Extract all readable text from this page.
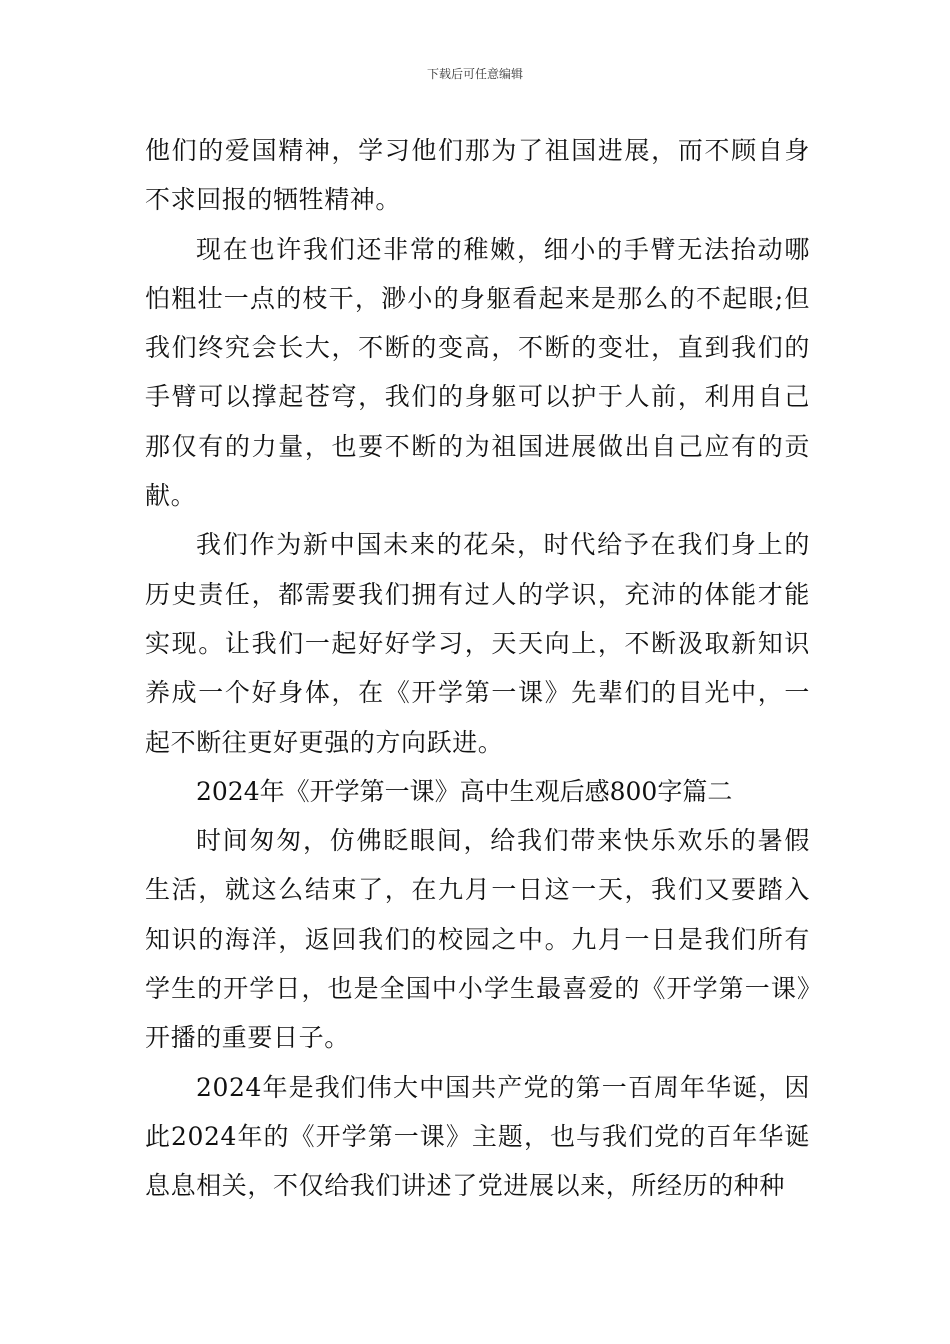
下载后可任意编辑

他们的爱国精神，学习他们那为了祖国进展，而不顾自身不求回报的牺牲精神。

现在也许我们还非常的稚嫩，细小的手臂无法抬动哪怕粗壮一点的枝干，渺小的身躯看起来是那么的不起眼;但我们终究会长大，不断的变高，不断的变壮，直到我们的手臂可以撑起苍穹，我们的身躯可以护于人前，利用自己那仅有的力量，也要不断的为祖国进展做出自己应有的贡献。

我们作为新中国未来的花朵，时代给予在我们身上的历史责任，都需要我们拥有过人的学识，充沛的体能才能实现。让我们一起好好学习，天天向上，不断汲取新知识养成一个好身体，在《开学第一课》先辈们的目光中，一起不断往更好更强的方向跃进。

2024年《开学第一课》高中生观后感800字篇二

时间匆匆，仿佛眨眼间，给我们带来快乐欢乐的暑假生活，就这么结束了，在九月一日这一天，我们又要踏入知识的海洋，返回我们的校园之中。九月一日是我们所有学生的开学日，也是全国中小学生最喜爱的《开学第一课》开播的重要日子。

2024年是我们伟大中国共产党的第一百周年华诞，因此2024年的《开学第一课》主题，也与我们党的百年华诞息息相关，不仅给我们讲述了党进展以来，所经历的种种
